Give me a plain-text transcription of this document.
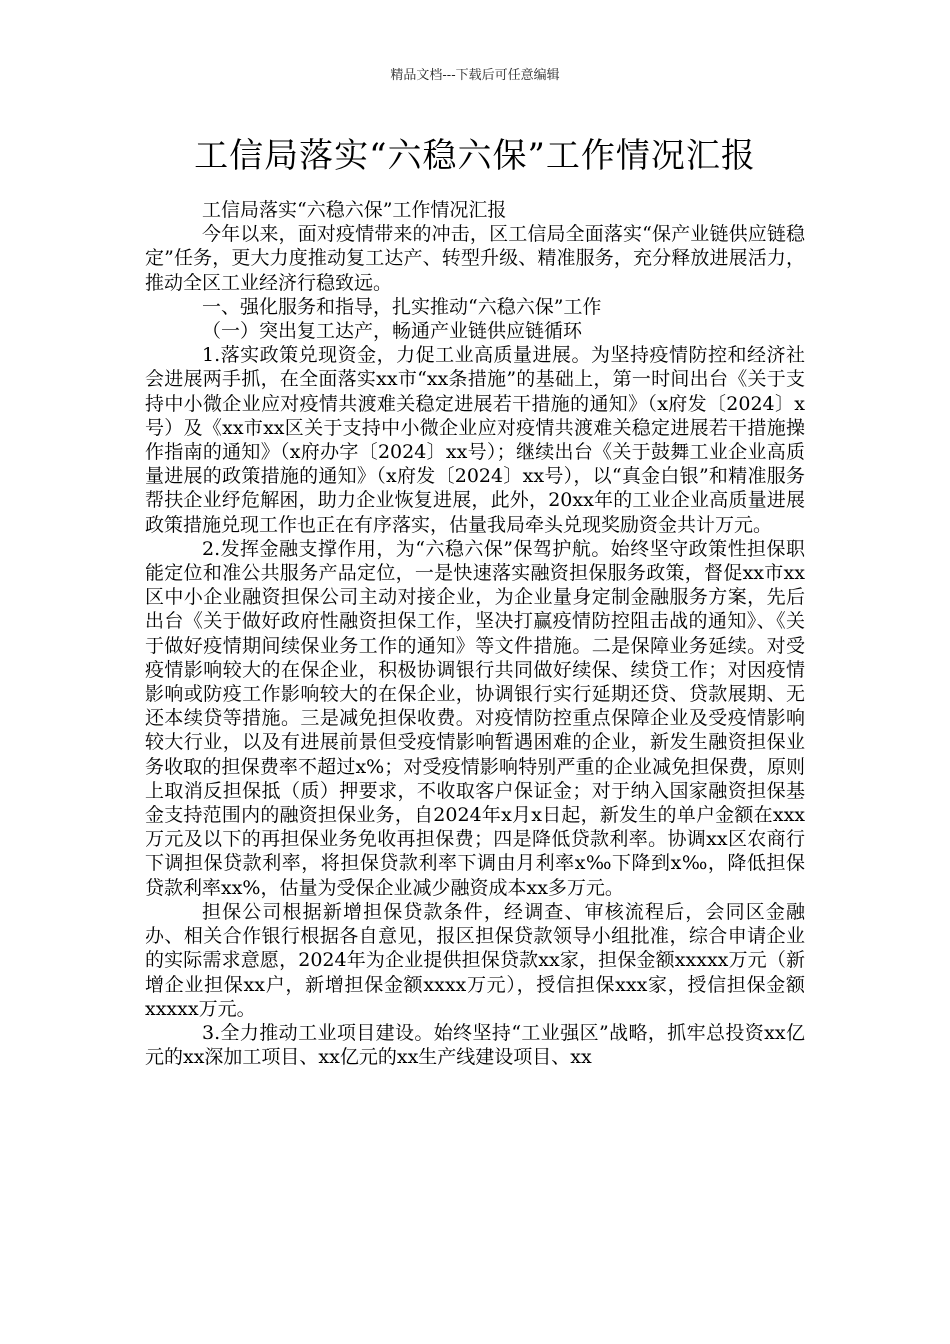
精品文档---下载后可任意编辑
工信局落实“六稳六保”工作情况汇报

工信局落实“六稳六保”工作情况汇报

今年以来，面对疫情带来的冲击，区工信局全面落实“保产业链供应链稳定”任务，更大力度推动复工达产、转型升级、精准服务，充分释放进展活力，推动全区工业经济行稳致远。

一、强化服务和指导，扎实推动“六稳六保”工作

（一）突出复工达产，畅通产业链供应链循环

1.落实政策兑现资金，力促工业高质量进展。为坚持疫情防控和经济社会进展两手抓，在全面落实xx市“xx条措施”的基础上，第一时间出台《关于支持中小微企业应对疫情共渡难关稳定进展若干措施的通知》（x府发〔2024〕x号）及《xx市xx区关于支持中小微企业应对疫情共渡难关稳定进展若干措施操作指南的通知》（x府办字〔2024〕xx号）；继续出台《关于鼓舞工业企业高质量进展的政策措施的通知》（x府发〔2024〕xx号），以“真金白银”和精准服务帮扶企业纾危解困，助力企业恢复进展，此外，20xx年的工业企业高质量进展政策措施兑现工作也正在有序落实，估量我局牵头兑现奖励资金共计万元。

2.发挥金融支撑作用，为“六稳六保”保驾护航。始终坚守政策性担保职能定位和准公共服务产品定位，一是快速落实融资担保服务政策，督促xx市xx区中小企业融资担保公司主动对接企业，为企业量身定制金融服务方案，先后出台《关于做好政府性融资担保工作，坚决打赢疫情防控阻击战的通知》、《关于做好疫情期间续保业务工作的通知》等文件措施。二是保障业务延续。对受疫情影响较大的在保企业，积极协调银行共同做好续保、续贷工作；对因疫情影响或防疫工作影响较大的在保企业，协调银行实行延期还贷、贷款展期、无还本续贷等措施。三是减免担保收费。对疫情防控重点保障企业及受疫情影响较大行业，以及有进展前景但受疫情影响暂遇困难的企业，新发生融资担保业务收取的担保费率不超过x%；对受疫情影响特别严重的企业减免担保费，原则上取消反担保抵（质）押要求，不收取客户保证金；对于纳入国家融资担保基金支持范围内的融资担保业务，自2024年x月x日起，新发生的单户金额在xxx万元及以下的再担保业务免收再担保费；四是降低贷款利率。协调xx区农商行下调担保贷款利率，将担保贷款利率下调由月利率x‰下降到x‰，降低担保贷款利率xx%，估量为受保企业减少融资成本xx多万元。

担保公司根据新增担保贷款条件，经调查、审核流程后，会同区金融办、相关合作银行根据各自意见，报区担保贷款领导小组批准，综合申请企业的实际需求意愿，2024年为企业提供担保贷款xx家，担保金额xxxxx万元（新增企业担保xx户，新增担保金额xxxx万元），授信担保xxx家，授信担保金额xxxxx万元。

3.全力推动工业项目建设。始终坚持“工业强区”战略，抓牢总投资xx亿元的xx深加工项目、xx亿元的xx生产线建设项目、xx
